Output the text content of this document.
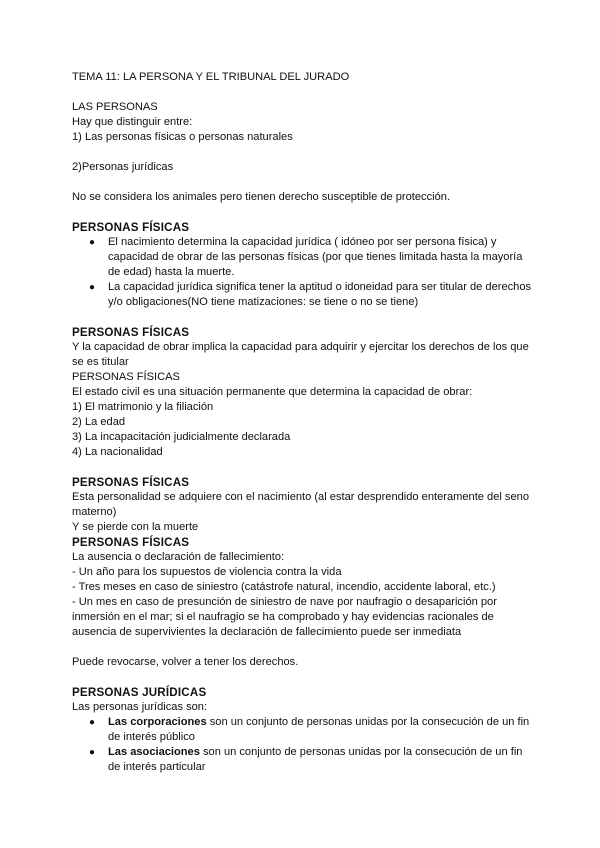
TEMA 11: LA PERSONA Y EL TRIBUNAL DEL JURADO

LAS PERSONAS

Hay que distinguir entre:

1) Las personas físicas o personas naturales

2)Personas jurídicas

No se considera los animales pero tienen derecho susceptible de protección.

PERSONAS FÍSICAS

● El nacimiento determina la capacidad jurídica ( idóneo por ser persona física) y capacidad de obrar de las personas físicas (por que tienes limitada hasta la mayoría de edad) hasta la muerte.
● La capacidad jurídica significa tener la aptitud o idoneidad para ser titular de derechos y/o obligaciones(NO tiene matizaciones: se tiene o no se tiene)

PERSONAS FÍSICAS

Y la capacidad de obrar implica la capacidad para adquirir y ejercitar los derechos de los que se es titular

PERSONAS FÍSICAS

El estado civil es una situación permanente que determina la capacidad de obrar:

1) El matrimonio y la filiación

2) La edad

3) La incapacitación judicialmente declarada

4) La nacionalidad

PERSONAS FÍSICAS

Esta personalidad se adquiere con el nacimiento (al estar desprendido enteramente del seno materno)

Y se pierde con la muerte

PERSONAS FÍSICAS

La ausencia o declaración de fallecimiento:

- Un año para los supuestos de violencia contra la vida

- Tres meses en caso de siniestro (catástrofe natural, incendio, accidente laboral, etc.)

- Un mes en caso de presunción de siniestro de nave por naufragio o desaparición por inmersión en el mar; si el naufragio se ha comprobado y hay evidencias racionales de ausencia de supervivientes la declaración de fallecimiento puede ser inmediata

Puede revocarse, volver a tener los derechos.

PERSONAS JURÍDICAS

Las personas jurídicas son:

● Las corporaciones son un conjunto de personas unidas por la consecución de un fin de interés público
● Las asociaciones son un conjunto de personas unidas por la consecución de un fin de interés particular
